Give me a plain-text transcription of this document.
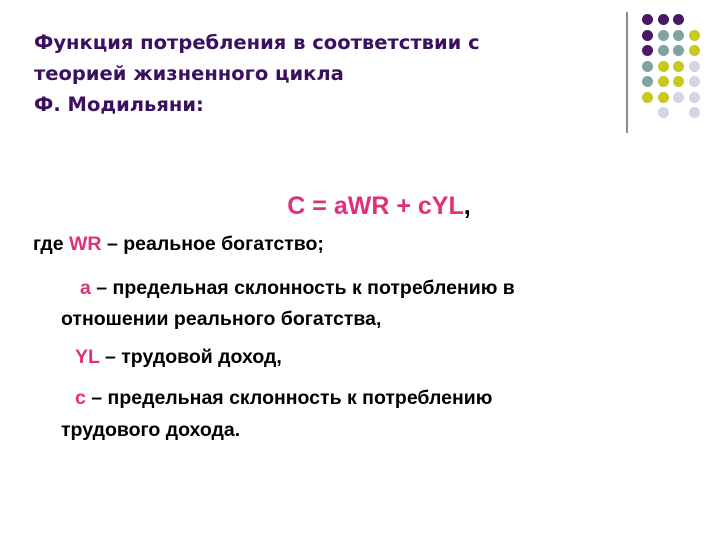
Функция потребления в соответствии с
теорией жизненного цикла
Ф. Модильяни:
C = aWR + cYL,
где WR – реальное богатство;
a – предельная склонность к потреблению в
отношении реального богатства,
YL – трудовой доход,
c – предельная склонность к потреблению
трудового дохода.
